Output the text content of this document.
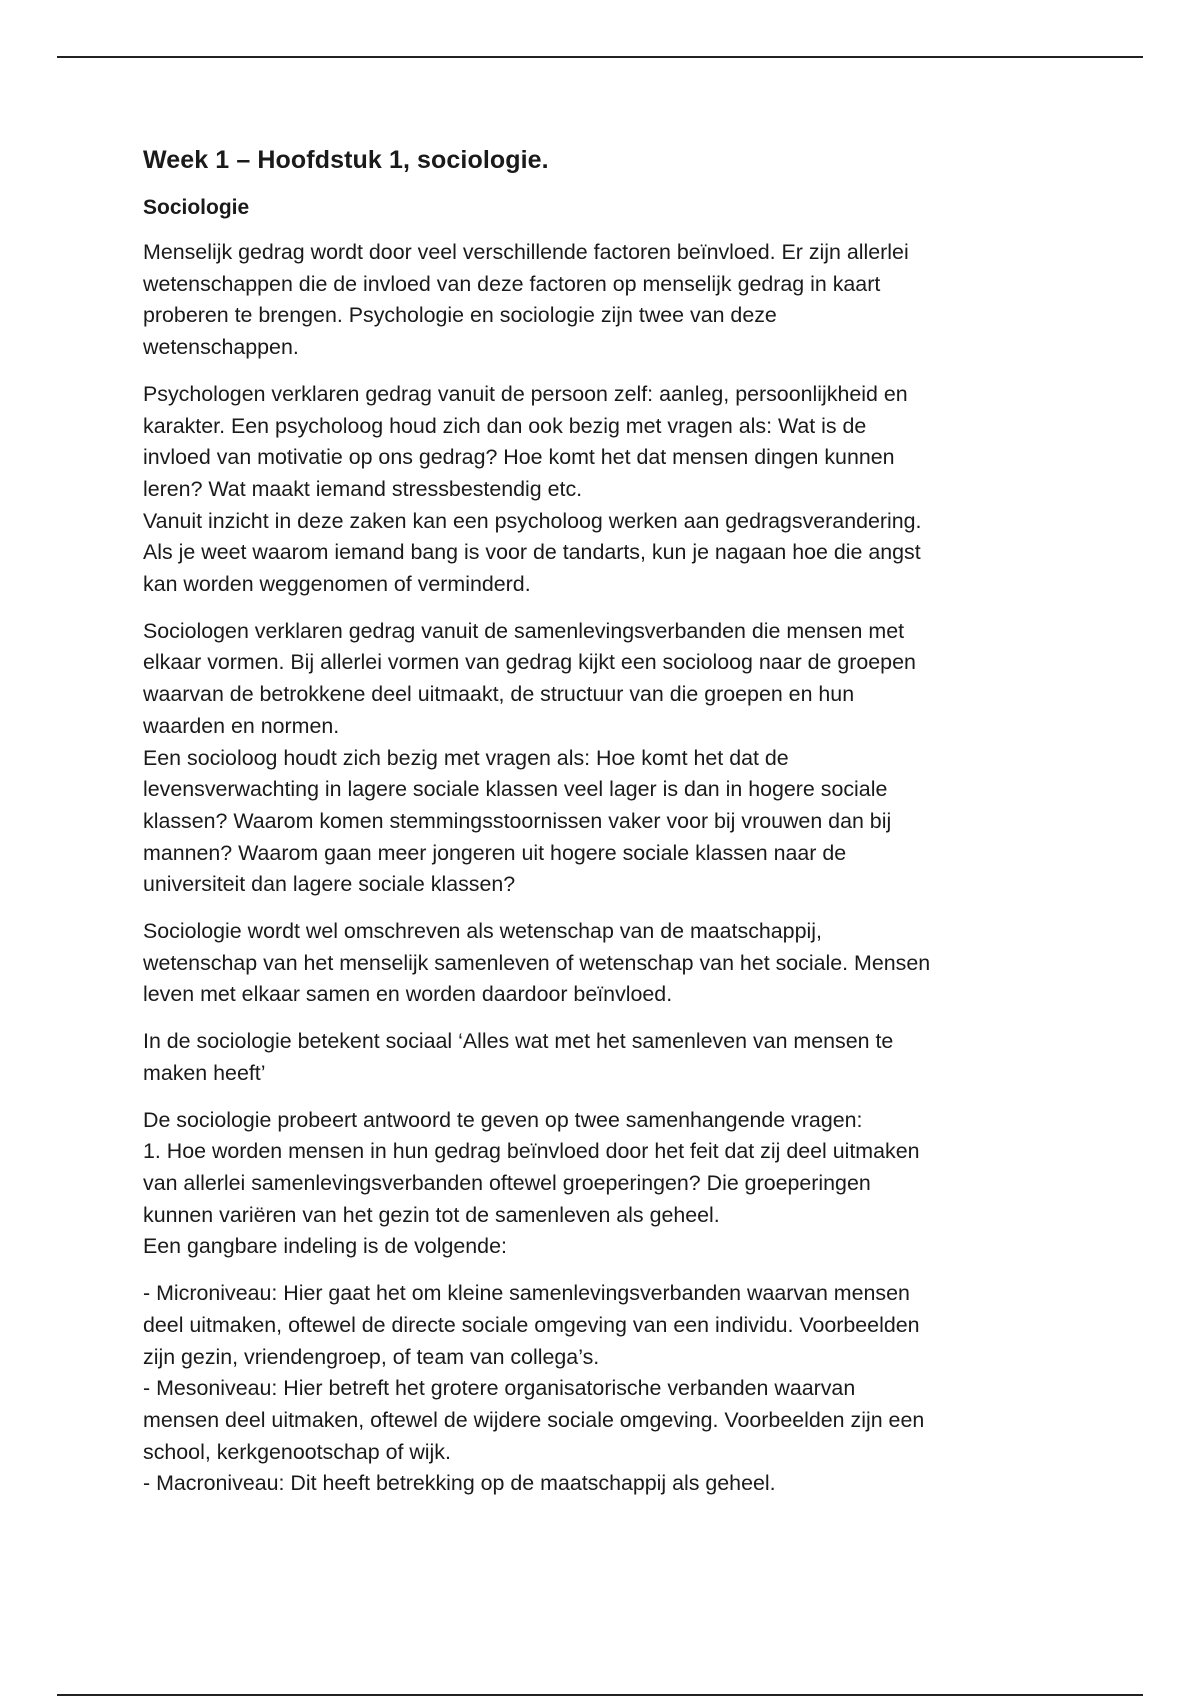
Week 1 – Hoofdstuk 1, sociologie.
Sociologie

Menselijk gedrag wordt door veel verschillende factoren beïnvloed. Er zijn allerlei
wetenschappen die de invloed van deze factoren op menselijk gedrag in kaart
proberen te brengen. Psychologie en sociologie zijn twee van deze
wetenschappen.

Psychologen verklaren gedrag vanuit de persoon zelf: aanleg, persoonlijkheid en
karakter. Een psycholoog houd zich dan ook bezig met vragen als: Wat is de
invloed van motivatie op ons gedrag? Hoe komt het dat mensen dingen kunnen
leren? Wat maakt iemand stressbestendig etc.
Vanuit inzicht in deze zaken kan een psycholoog werken aan gedragsverandering.
Als je weet waarom iemand bang is voor de tandarts, kun je nagaan hoe die angst
kan worden weggenomen of verminderd.

Sociologen verklaren gedrag vanuit de samenlevingsverbanden die mensen met
elkaar vormen. Bij allerlei vormen van gedrag kijkt een socioloog naar de groepen
waarvan de betrokkene deel uitmaakt, de structuur van die groepen en hun
waarden en normen.
Een socioloog houdt zich bezig met vragen als: Hoe komt het dat de
levensverwachting in lagere sociale klassen veel lager is dan in hogere sociale
klassen? Waarom komen stemmingsstoornissen vaker voor bij vrouwen dan bij
mannen? Waarom gaan meer jongeren uit hogere sociale klassen naar de
universiteit dan lagere sociale klassen?

Sociologie wordt wel omschreven als wetenschap van de maatschappij,
wetenschap van het menselijk samenleven of wetenschap van het sociale. Mensen
leven met elkaar samen en worden daardoor beïnvloed.

In de sociologie betekent sociaal ‘Alles wat met het samenleven van mensen te
maken heeft’

De sociologie probeert antwoord te geven op twee samenhangende vragen:
1. Hoe worden mensen in hun gedrag beïnvloed door het feit dat zij deel uitmaken
van allerlei samenlevingsverbanden oftewel groeperingen? Die groeperingen
kunnen variëren van het gezin tot de samenleven als geheel.
Een gangbare indeling is de volgende:

- Microniveau: Hier gaat het om kleine samenlevingsverbanden waarvan mensen
deel uitmaken, oftewel de directe sociale omgeving van een individu. Voorbeelden
zijn gezin, vriendengroep, of team van collega’s.
- Mesoniveau: Hier betreft het grotere organisatorische verbanden waarvan
mensen deel uitmaken, oftewel de wijdere sociale omgeving. Voorbeelden zijn een
school, kerkgenootschap of wijk.
- Macroniveau: Dit heeft betrekking op de maatschappij als geheel.
